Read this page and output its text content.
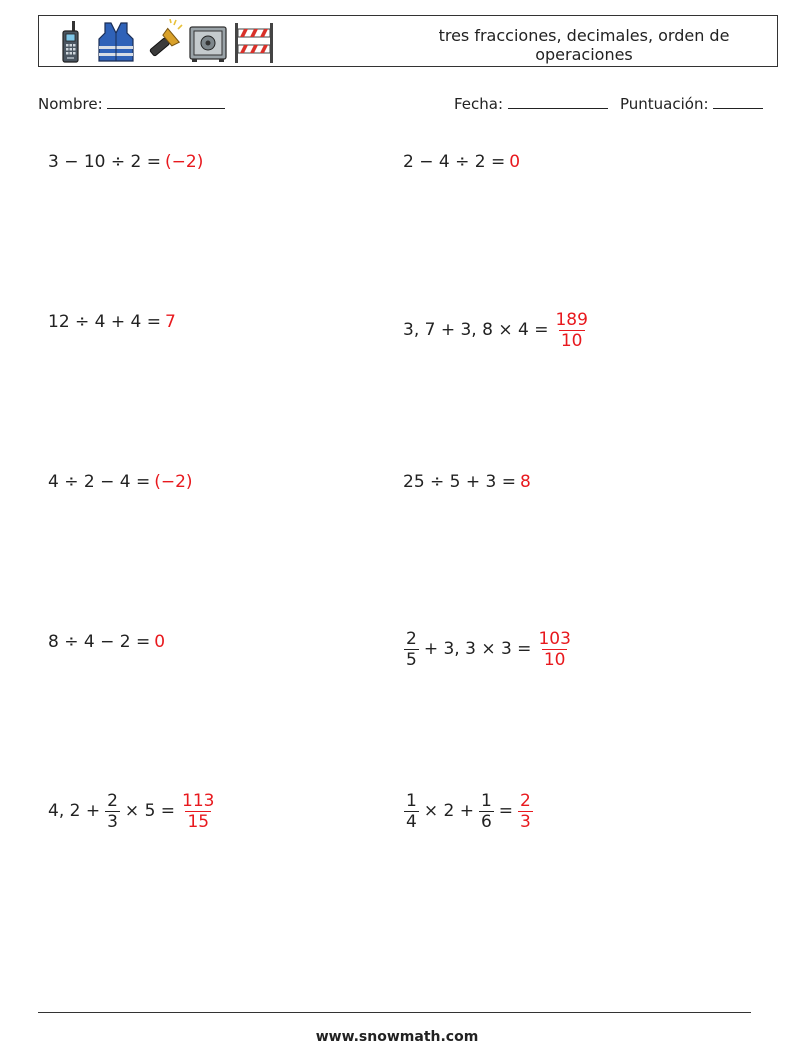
tres fracciones, decimales, orden de
operaciones
Nombre:	Fecha:	Puntuación:
3 − 10 ÷ 2 = (−2)
12 ÷ 4 + 4 = 7
4 ÷ 2 − 4 = (−2)
8 ÷ 4 − 2 = 0
4, $2 + \frac{2}{3} \times 5 = \frac{113}{15}$
2 − 4 ÷ 2 = 0
3, 7 + 3, $8 \times 4 = \frac{189}{10}$
25 ÷ 5 + 3 = 8
$\frac{2}{5} + 3$, $3 \times 3 = \frac{103}{10}$
$\frac{1}{4} \times 2 + \frac{1}{6} = \frac{2}{3}$
www.snowmath.com
